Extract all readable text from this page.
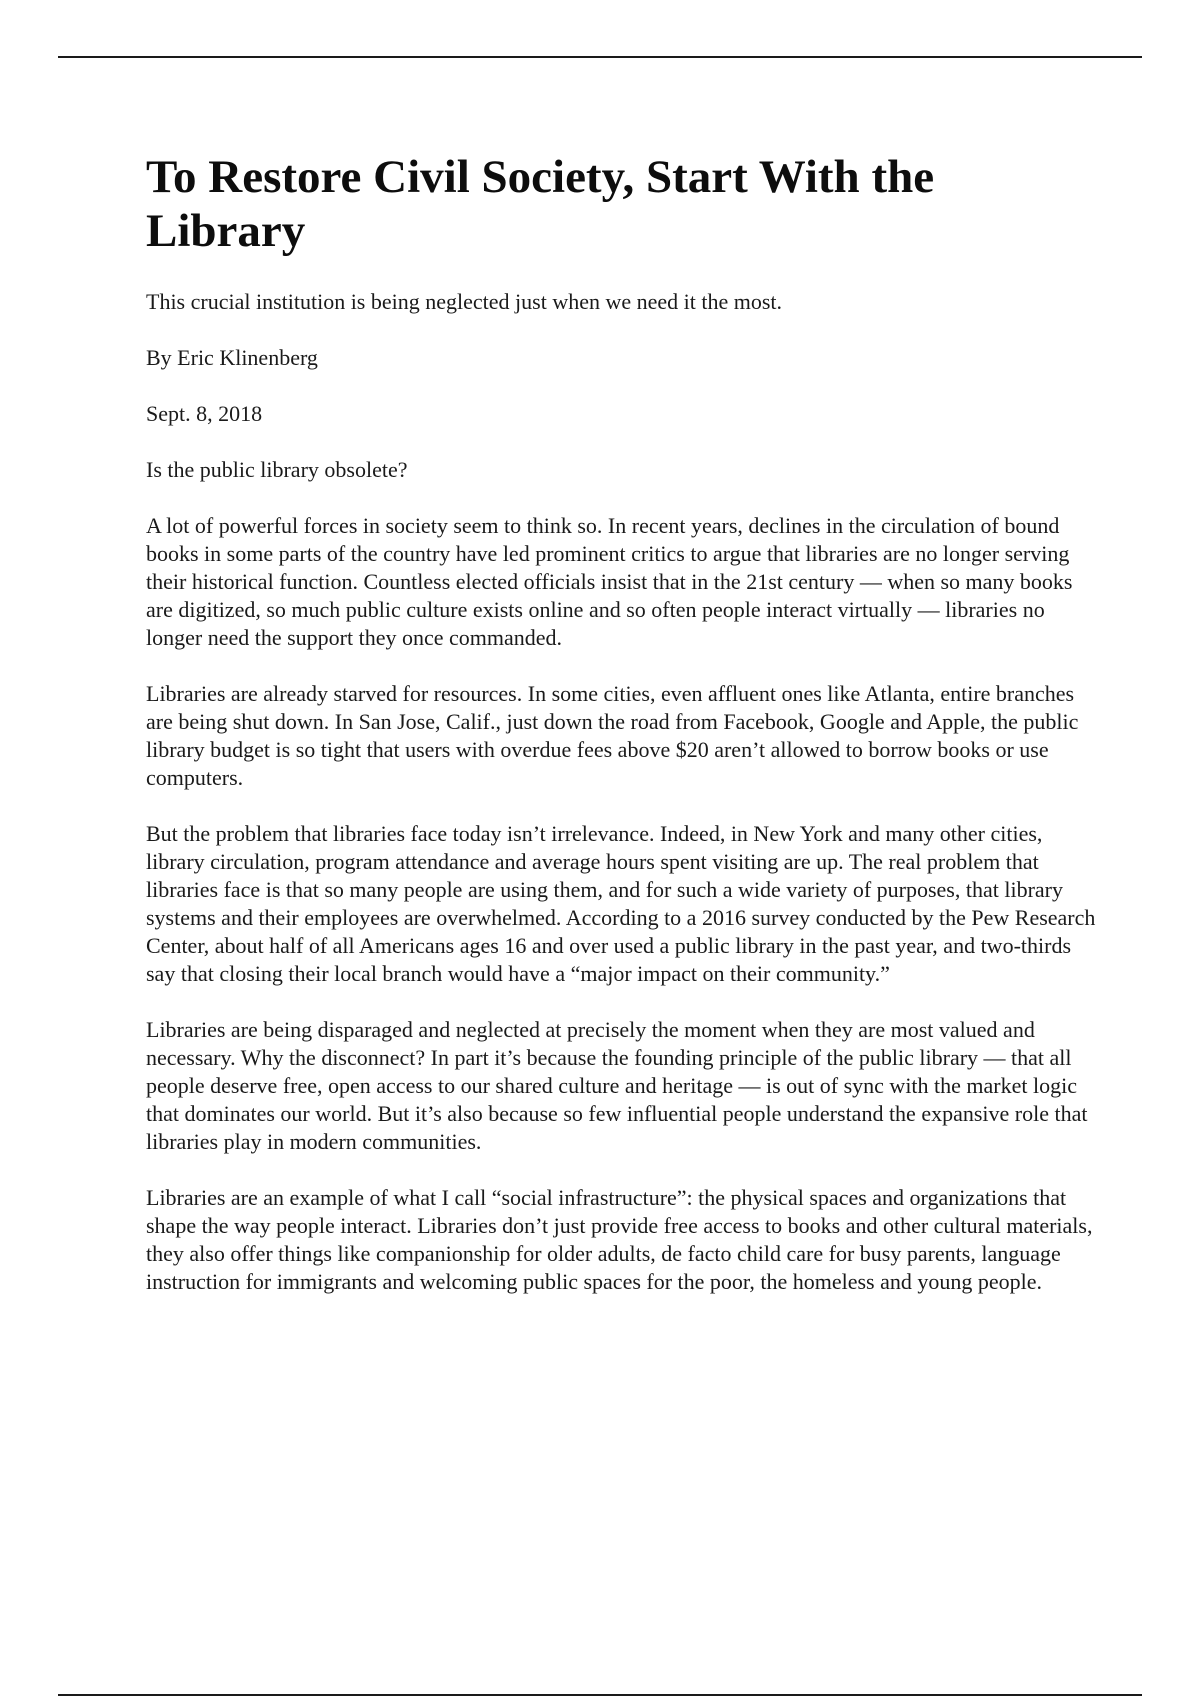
To Restore Civil Society, Start With the Library

This crucial institution is being neglected just when we need it the most.

By Eric Klinenberg

Sept. 8, 2018

Is the public library obsolete?

A lot of powerful forces in society seem to think so. In recent years, declines in the circulation of bound books in some parts of the country have led prominent critics to argue that libraries are no longer serving their historical function. Countless elected officials insist that in the 21st century — when so many books are digitized, so much public culture exists online and so often people interact virtually — libraries no longer need the support they once commanded.

Libraries are already starved for resources. In some cities, even affluent ones like Atlanta, entire branches are being shut down. In San Jose, Calif., just down the road from Facebook, Google and Apple, the public library budget is so tight that users with overdue fees above $20 aren’t allowed to borrow books or use computers.

But the problem that libraries face today isn’t irrelevance. Indeed, in New York and many other cities, library circulation, program attendance and average hours spent visiting are up. The real problem that libraries face is that so many people are using them, and for such a wide variety of purposes, that library systems and their employees are overwhelmed. According to a 2016 survey conducted by the Pew Research Center, about half of all Americans ages 16 and over used a public library in the past year, and two-thirds say that closing their local branch would have a “major impact on their community.”

Libraries are being disparaged and neglected at precisely the moment when they are most valued and necessary. Why the disconnect? In part it’s because the founding principle of the public library — that all people deserve free, open access to our shared culture and heritage — is out of sync with the market logic that dominates our world. But it’s also because so few influential people understand the expansive role that libraries play in modern communities.

Libraries are an example of what I call “social infrastructure”: the physical spaces and organizations that shape the way people interact. Libraries don’t just provide free access to books and other cultural materials, they also offer things like companionship for older adults, de facto child care for busy parents, language instruction for immigrants and welcoming public spaces for the poor, the homeless and young people.
